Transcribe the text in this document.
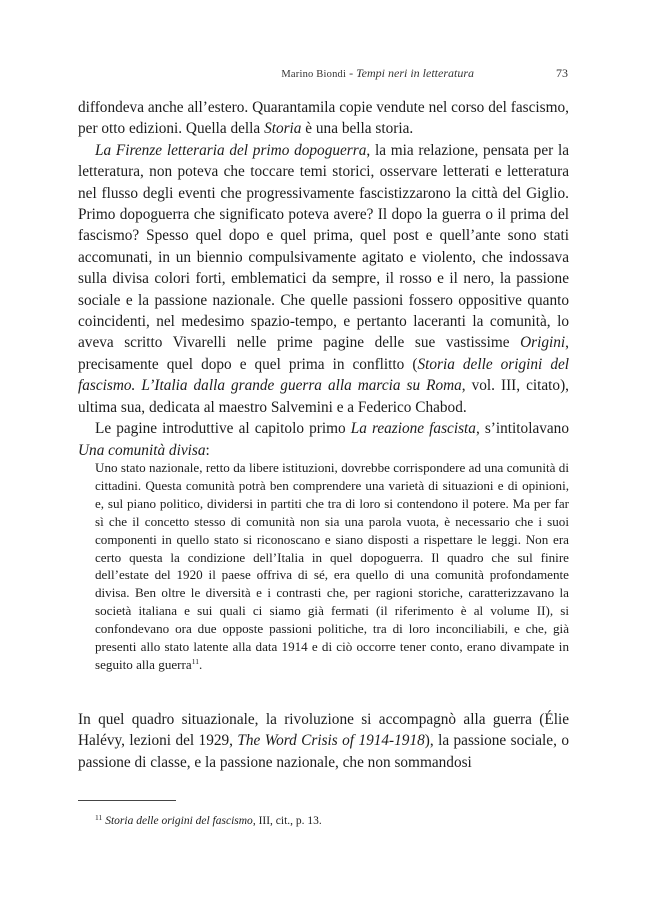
Marino Biondi - Tempi neri in letteratura	73

diffondeva anche all’estero. Quarantamila copie vendute nel corso del fascismo, per otto edizioni. Quella della Storia è una bella storia.

La Firenze letteraria del primo dopoguerra, la mia relazione, pensata per la letteratura, non poteva che toccare temi storici, osservare letterati e letteratura nel flusso degli eventi che progressivamente fascistizzarono la città del Giglio. Primo dopoguerra che significato poteva avere? Il dopo la guerra o il prima del fascismo? Spesso quel dopo e quel prima, quel post e quell’ante sono stati accomunati, in un biennio compulsivamente agitato e violento, che indossava sulla divisa colori forti, emblematici da sempre, il rosso e il nero, la passione sociale e la passione nazionale. Che quelle passioni fossero oppositive quanto coincidenti, nel medesimo spazio-tempo, e pertanto laceranti la comunità, lo aveva scritto Vivarelli nelle prime pagine delle sue vastissime Origini, precisamente quel dopo e quel prima in conflitto (Storia delle origini del fascismo. L’Italia dalla grande guerra alla marcia su Roma, vol. III, citato), ultima sua, dedicata al maestro Salvemini e a Federico Chabod.

Le pagine introduttive al capitolo primo La reazione fascista, s’intitolavano Una comunità divisa:

Uno stato nazionale, retto da libere istituzioni, dovrebbe corrispondere ad una comunità di cittadini. Questa comunità potrà ben comprendere una varietà di situazioni e di opinioni, e, sul piano politico, dividersi in partiti che tra di loro si contendono il potere. Ma per far sì che il concetto stesso di comunità non sia una parola vuota, è necessario che i suoi componenti in quello stato si riconoscano e siano disposti a rispettare le leggi. Non era certo questa la condizione dell’Italia in quel dopoguerra. Il quadro che sul finire dell’estate del 1920 il paese offriva di sé, era quello di una comunità profondamente divisa. Ben oltre le diversità e i contrasti che, per ragioni storiche, caratterizzavano la società italiana e sui quali ci siamo già fermati (il riferimento è al volume II), si confondevano ora due opposte passioni politiche, tra di loro inconciliabili, e che, già presenti allo stato latente alla data 1914 e di ciò occorre tener conto, erano divampate in seguito alla guerra$^{11}$.

In quel quadro situazionale, la rivoluzione si accompagnò alla guerra (Élie Halévy, lezioni del 1929, The Word Crisis of 1914-1918), la passione sociale, o passione di classe, e la passione nazionale, che non sommandosi

$^{11}$ Storia delle origini del fascismo, III, cit., p. 13.
